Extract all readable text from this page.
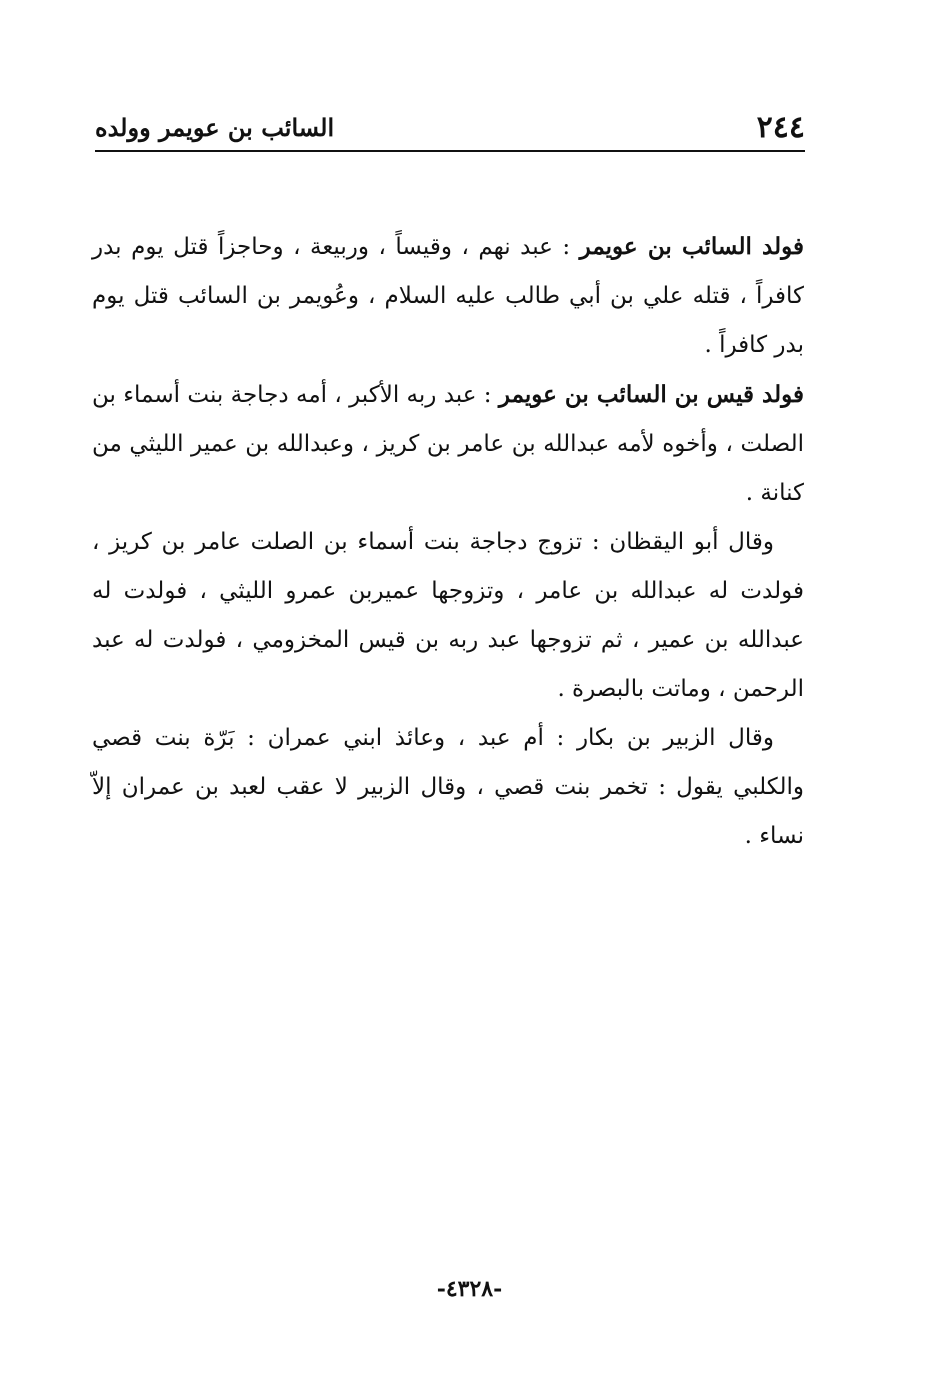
٢٤٤
السائب بن عويمر وولده

فولد السائب بن عويمر : عبد نهم ، وقيساً ، وربيعة ، وحاجزاً قتل يوم بدر كافراً ، قتله علي بن أبي طالب عليه السلام ، وعُويمر بن السائب قتل يوم بدر كافراً .

فولد قيس بن السائب بن عويمر : عبد ربه الأكبر ، أمه دجاجة بنت أسماء بن الصلت ، وأخوه لأمه عبدالله بن عامر بن كريز ، وعبدالله بن عمير الليثي من كنانة .

وقال أبو اليقظان : تزوج دجاجة بنت أسماء بن الصلت عامر بن كريز ، فولدت له عبدالله بن عامر ، وتزوجها عميربن عمرو الليثي ، فولدت له عبدالله بن عمير ، ثم تزوجها عبد ربه بن قيس المخزومي ، فولدت له عبد الرحمن ، وماتت بالبصرة .

وقال الزبير بن بكار : أم عبد ، وعائذ ابني عمران : بَرّة بنت قصي والكلبي يقول : تخمر بنت قصي ، وقال الزبير لا عقب لعبد بن عمران إلاّ نساء .

-٤٣٢٨-
